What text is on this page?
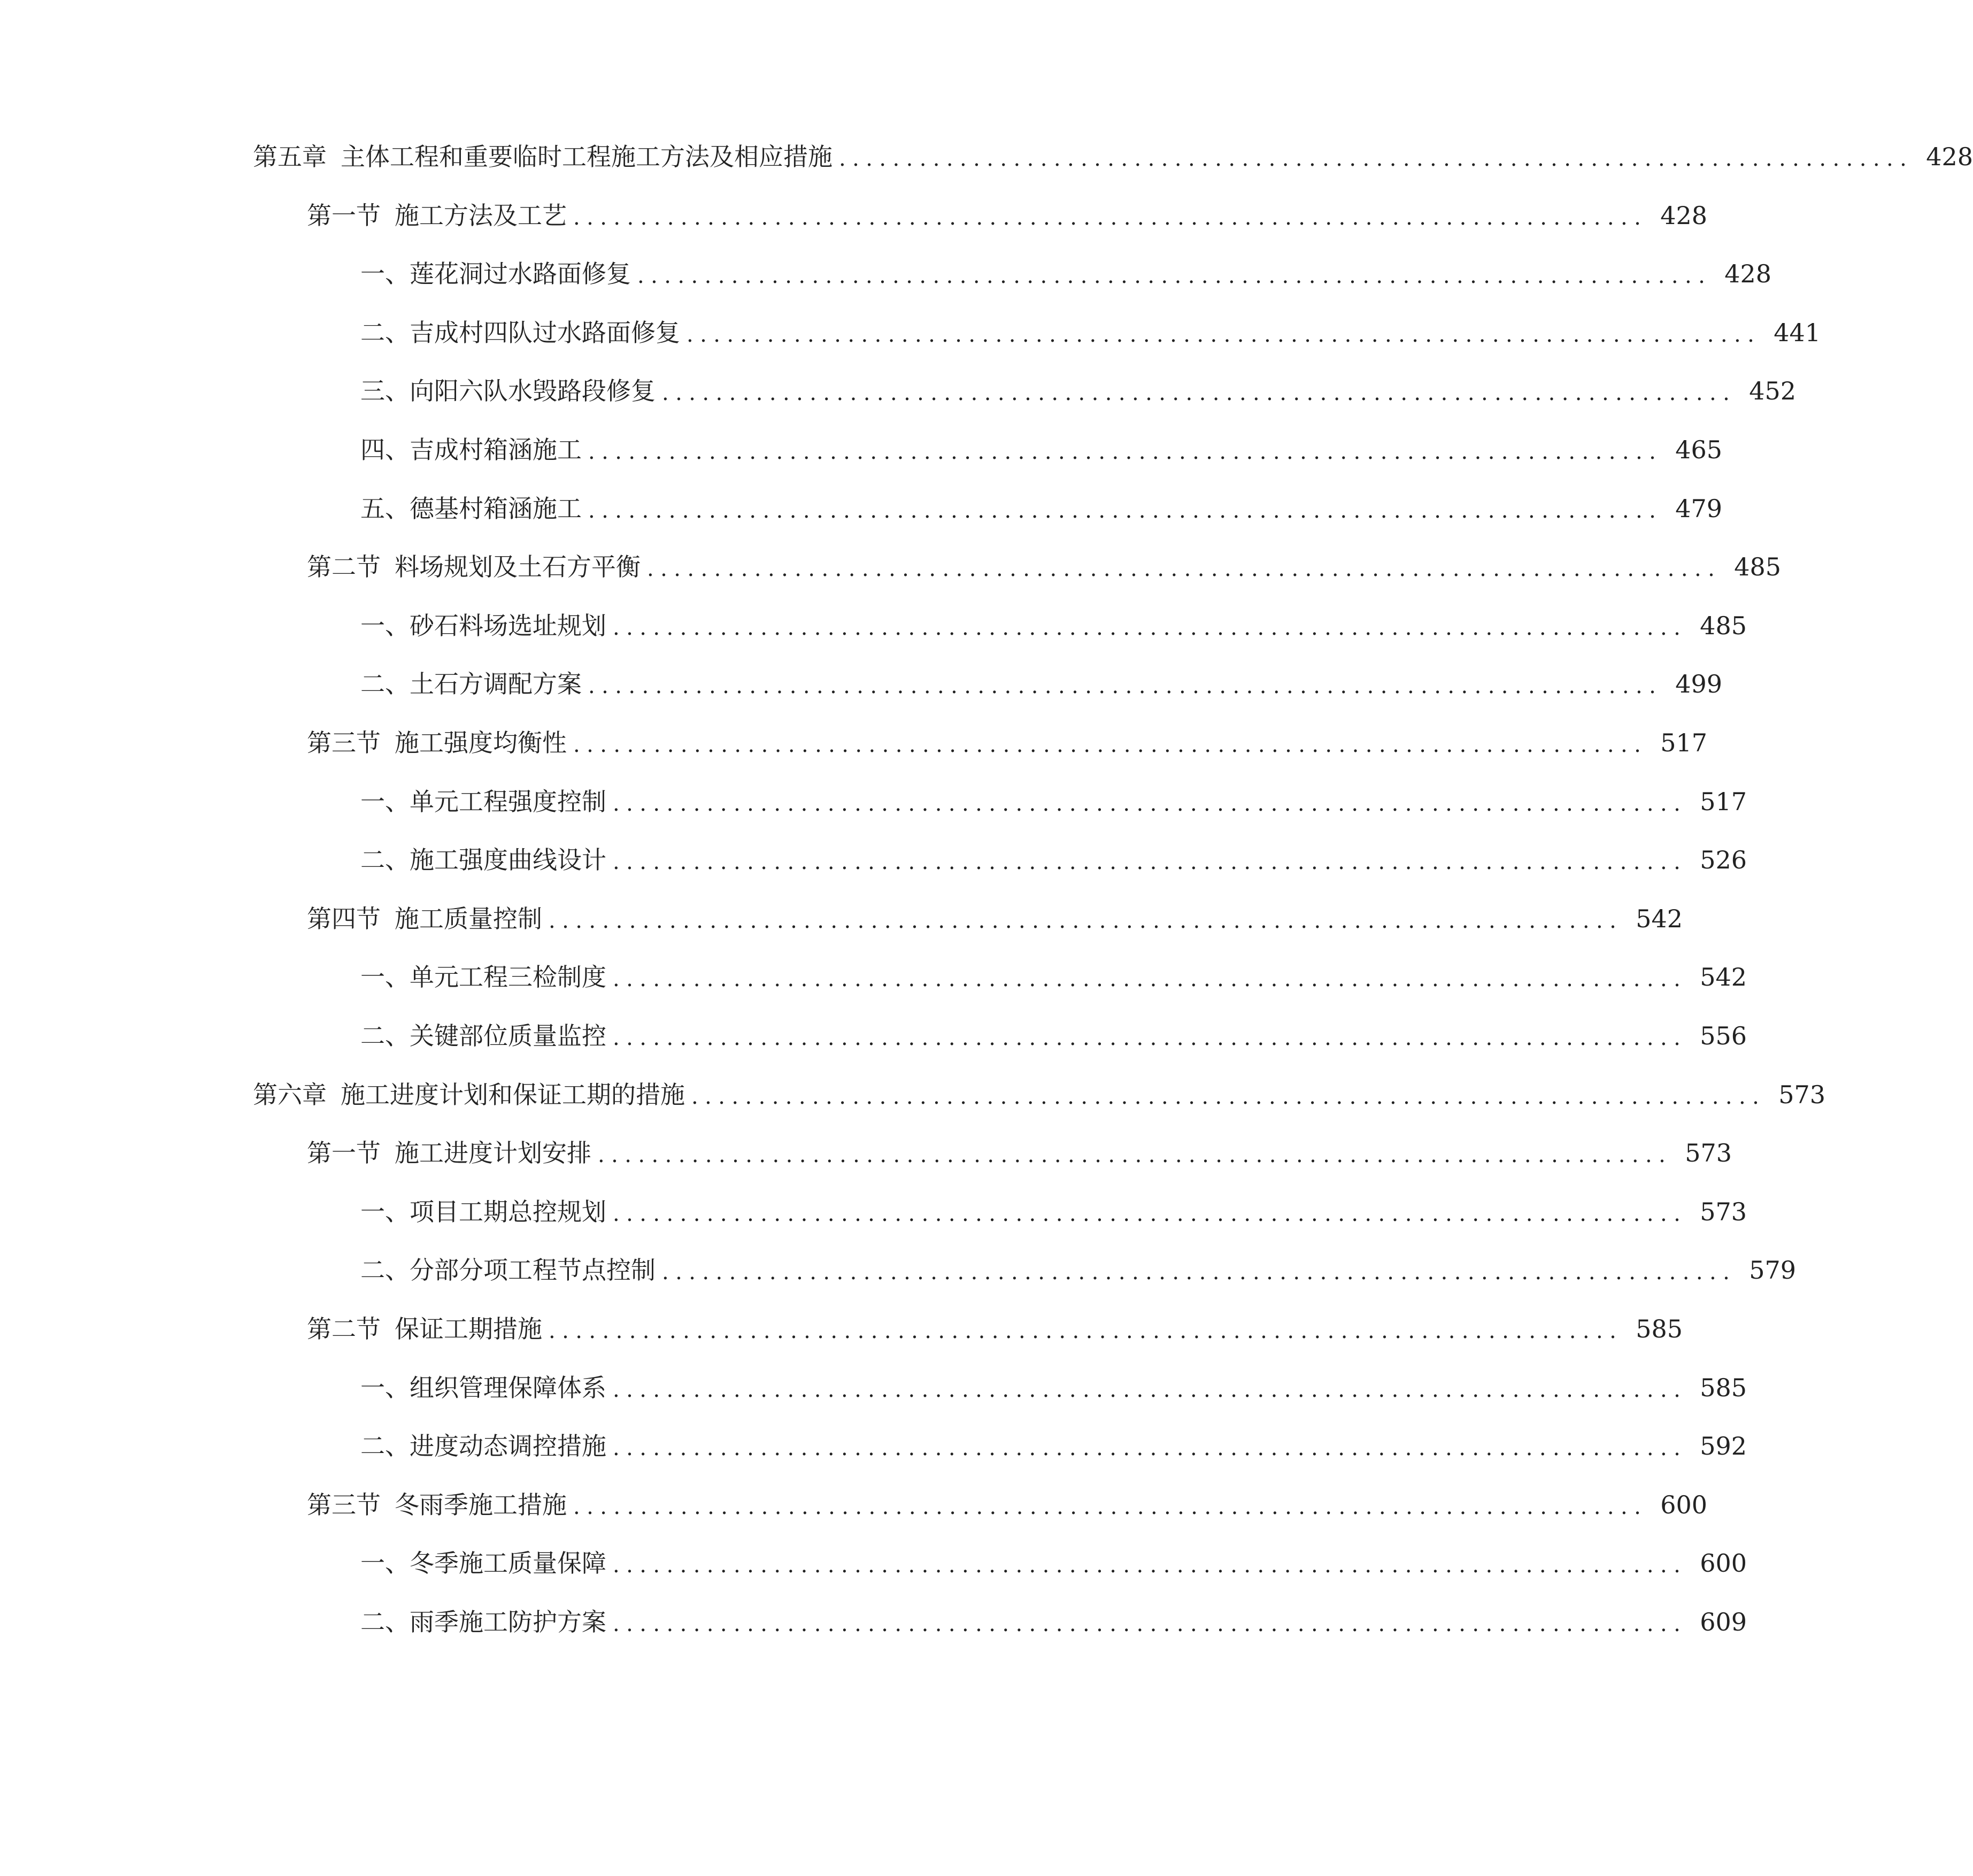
第五章 主体工程和重要临时工程施工方法及相应措施 ................................................................................ 428
第一节 施工方法及工艺 ................................................................................ 428
一、 莲花洞过水路面修复 ................................................................................ 428
二、 吉成村四队过水路面修复 ................................................................................ 441
三、 向阳六队水毁路段修复 ................................................................................ 452
四、 吉成村箱涵施工 ................................................................................ 465
五、 德基村箱涵施工 ................................................................................ 479
第二节 料场规划及土石方平衡 ................................................................................ 485
一、 砂石料场选址规划 ................................................................................ 485
二、 土石方调配方案 ................................................................................ 499
第三节 施工强度均衡性 ................................................................................ 517
一、 单元工程强度控制 ................................................................................ 517
二、 施工强度曲线设计 ................................................................................ 526
第四节 施工质量控制 ................................................................................ 542
一、 单元工程三检制度 ................................................................................ 542
二、 关键部位质量监控 ................................................................................ 556
第六章 施工进度计划和保证工期的措施 ................................................................................ 573
第一节 施工进度计划安排 ................................................................................ 573
一、 项目工期总控规划 ................................................................................ 573
二、 分部分项工程节点控制 ................................................................................ 579
第二节 保证工期措施 ................................................................................ 585
一、 组织管理保障体系 ................................................................................ 585
二、 进度动态调控措施 ................................................................................ 592
第三节 冬雨季施工措施 ................................................................................ 600
一、 冬季施工质量保障 ................................................................................ 600
二、 雨季施工防护方案 ................................................................................ 609
